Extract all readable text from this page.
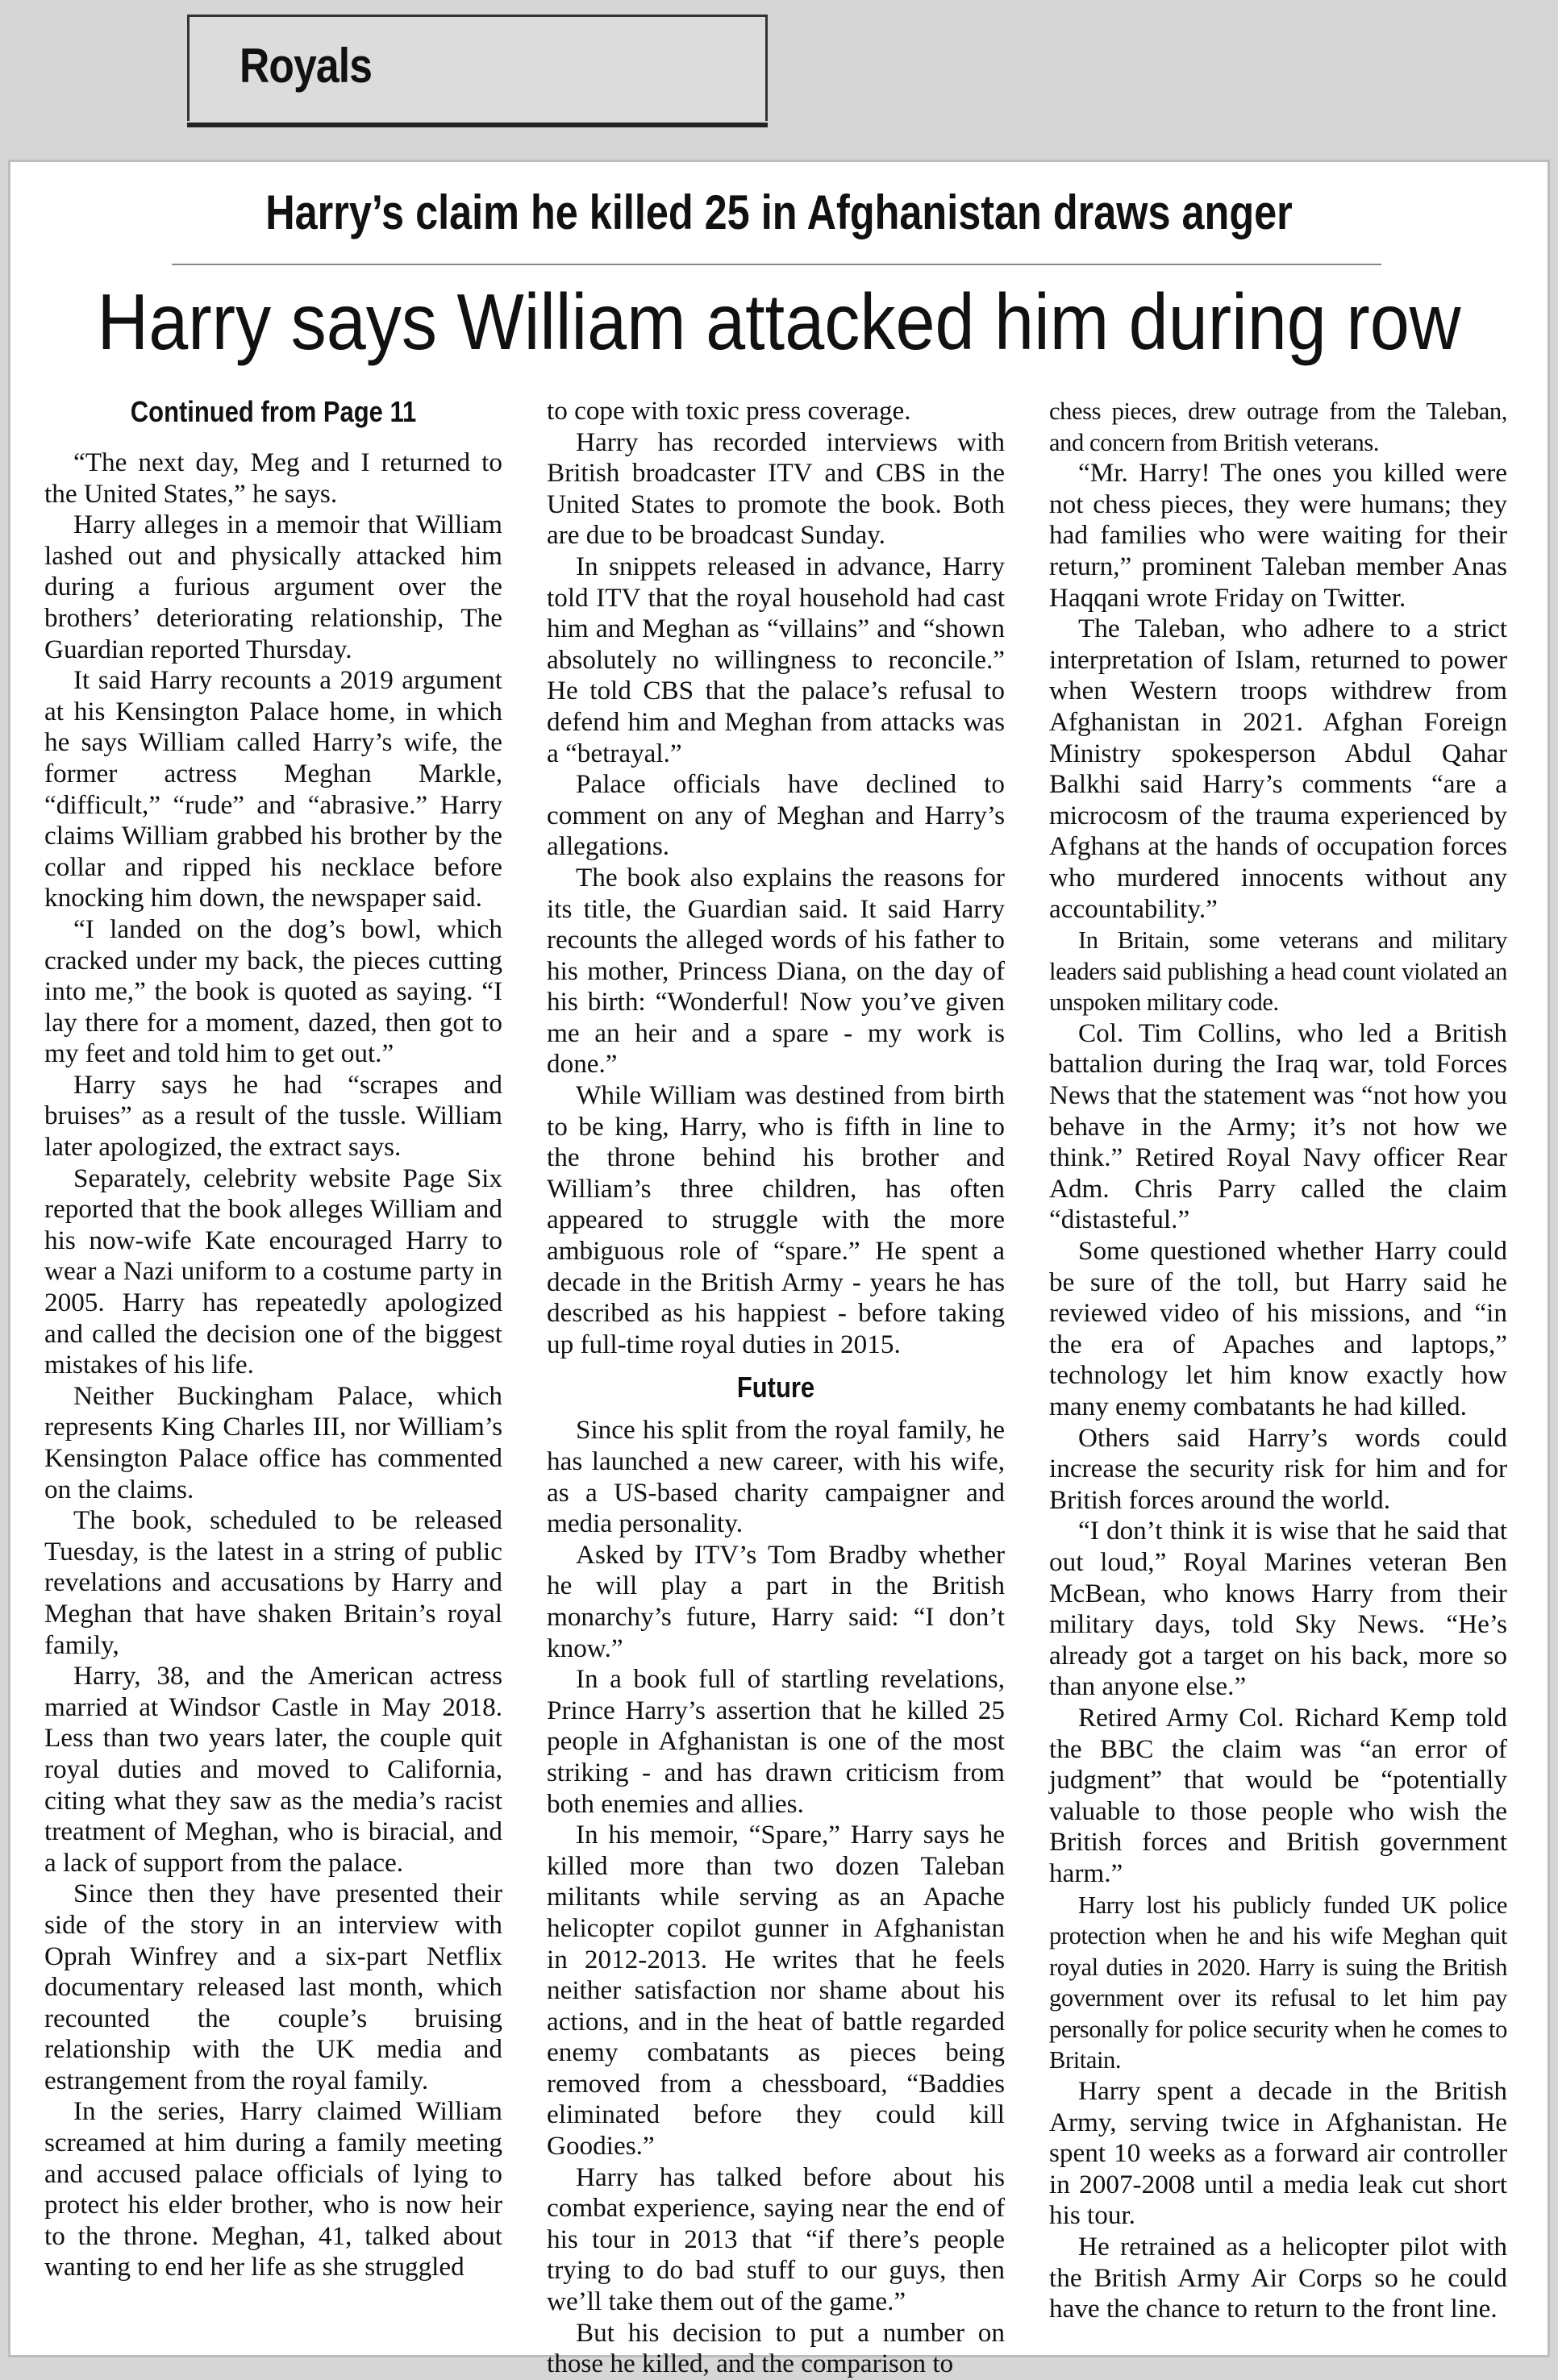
Royals
Harry’s claim he killed 25 in Afghanistan draws anger
Harry says William attacked him during row
Continued from Page 11

“The next day, Meg and I returned to the United States,” he says.

Harry alleges in a memoir that William lashed out and physically attacked him during a furious argument over the brothers’ deteriorating relationship, The Guardian reported Thursday.

It said Harry recounts a 2019 argument at his Kensington Palace home, in which he says William called Harry’s wife, the former actress Meghan Markle, “difficult,” “rude” and “abrasive.” Harry claims William grabbed his brother by the collar and ripped his necklace before knocking him down, the newspaper said.

“I landed on the dog’s bowl, which cracked under my back, the pieces cutting into me,” the book is quoted as saying. “I lay there for a moment, dazed, then got to my feet and told him to get out.”

Harry says he had “scrapes and bruises” as a result of the tussle. William later apologized, the extract says.

Separately, celebrity website Page Six reported that the book alleges William and his now-wife Kate encouraged Harry to wear a Nazi uniform to a costume party in 2005. Harry has repeatedly apologized and called the decision one of the biggest mistakes of his life.

Neither Buckingham Palace, which represents King Charles III, nor William’s Kensington Palace office has commented on the claims.

The book, scheduled to be released Tuesday, is the latest in a string of public revelations and accusations by Harry and Meghan that have shaken Britain’s royal family,

Harry, 38, and the American actress married at Windsor Castle in May 2018. Less than two years later, the couple quit royal duties and moved to California, citing what they saw as the media’s racist treatment of Meghan, who is biracial, and a lack of support from the palace.

Since then they have presented their side of the story in an interview with Oprah Winfrey and a six-part Netflix documentary released last month, which recounted the couple’s bruising relationship with the UK media and estrangement from the royal family.

In the series, Harry claimed William screamed at him during a family meeting and accused palace officials of lying to protect his elder brother, who is now heir to the throne. Meghan, 41, talked about wanting to end her life as she struggled

to cope with toxic press coverage.

Harry has recorded interviews with British broadcaster ITV and CBS in the United States to promote the book. Both are due to be broadcast Sunday.

In snippets released in advance, Harry told ITV that the royal household had cast him and Meghan as “villains” and “shown absolutely no willingness to reconcile.” He told CBS that the palace’s refusal to defend him and Meghan from attacks was a “betrayal.”

Palace officials have declined to comment on any of Meghan and Harry’s allegations.

The book also explains the reasons for its title, the Guardian said. It said Harry recounts the alleged words of his father to his mother, Princess Diana, on the day of his birth: “Wonderful! Now you’ve given me an heir and a spare - my work is done.”

While William was destined from birth to be king, Harry, who is fifth in line to the throne behind his brother and William’s three children, has often appeared to struggle with the more ambiguous role of “spare.” He spent a decade in the British Army - years he has described as his happiest - before taking up full-time royal duties in 2015.

Future

Since his split from the royal family, he has launched a new career, with his wife, as a US-based charity campaigner and media personality.

Asked by ITV’s Tom Bradby whether he will play a part in the British monarchy’s future, Harry said: “I don’t know.”

In a book full of startling revelations, Prince Harry’s assertion that he killed 25 people in Afghanistan is one of the most striking - and has drawn criticism from both enemies and allies.

In his memoir, “Spare,” Harry says he killed more than two dozen Taleban militants while serving as an Apache helicopter copilot gunner in Afghanistan in 2012-2013. He writes that he feels neither satisfaction nor shame about his actions, and in the heat of battle regarded enemy combatants as pieces being removed from a chessboard, “Baddies eliminated before they could kill Goodies.”

Harry has talked before about his combat experience, saying near the end of his tour in 2013 that “if there’s people trying to do bad stuff to our guys, then we’ll take them out of the game.”

But his decision to put a number on those he killed, and the comparison to

chess pieces, drew outrage from the Taleban, and concern from British veterans.

“Mr. Harry! The ones you killed were not chess pieces, they were humans; they had families who were waiting for their return,” prominent Taleban member Anas Haqqani wrote Friday on Twitter.

The Taleban, who adhere to a strict interpretation of Islam, returned to power when Western troops withdrew from Afghanistan in 2021. Afghan Foreign Ministry spokesperson Abdul Qahar Balkhi said Harry’s comments “are a microcosm of the trauma experienced by Afghans at the hands of occupation forces who murdered innocents without any accountability.”

In Britain, some veterans and military leaders said publishing a head count violated an unspoken military code.

Col. Tim Collins, who led a British battalion during the Iraq war, told Forces News that the statement was “not how you behave in the Army; it’s not how we think.” Retired Royal Navy officer Rear Adm. Chris Parry called the claim “distasteful.”

Some questioned whether Harry could be sure of the toll, but Harry said he reviewed video of his missions, and “in the era of Apaches and laptops,” technology let him know exactly how many enemy combatants he had killed.

Others said Harry’s words could increase the security risk for him and for British forces around the world.

“I don’t think it is wise that he said that out loud,” Royal Marines veteran Ben McBean, who knows Harry from their military days, told Sky News. “He’s already got a target on his back, more so than anyone else.”

Retired Army Col. Richard Kemp told the BBC the claim was “an error of judgment” that would be “potentially valuable to those people who wish the British forces and British government harm.”

Harry lost his publicly funded UK police protection when he and his wife Meghan quit royal duties in 2020. Harry is suing the British government over its refusal to let him pay personally for police security when he comes to Britain.

Harry spent a decade in the British Army, serving twice in Afghanistan. He spent 10 weeks as a forward air controller in 2007-2008 until a media leak cut short his tour.

He retrained as a helicopter pilot with the British Army Air Corps so he could have the chance to return to the front line.
